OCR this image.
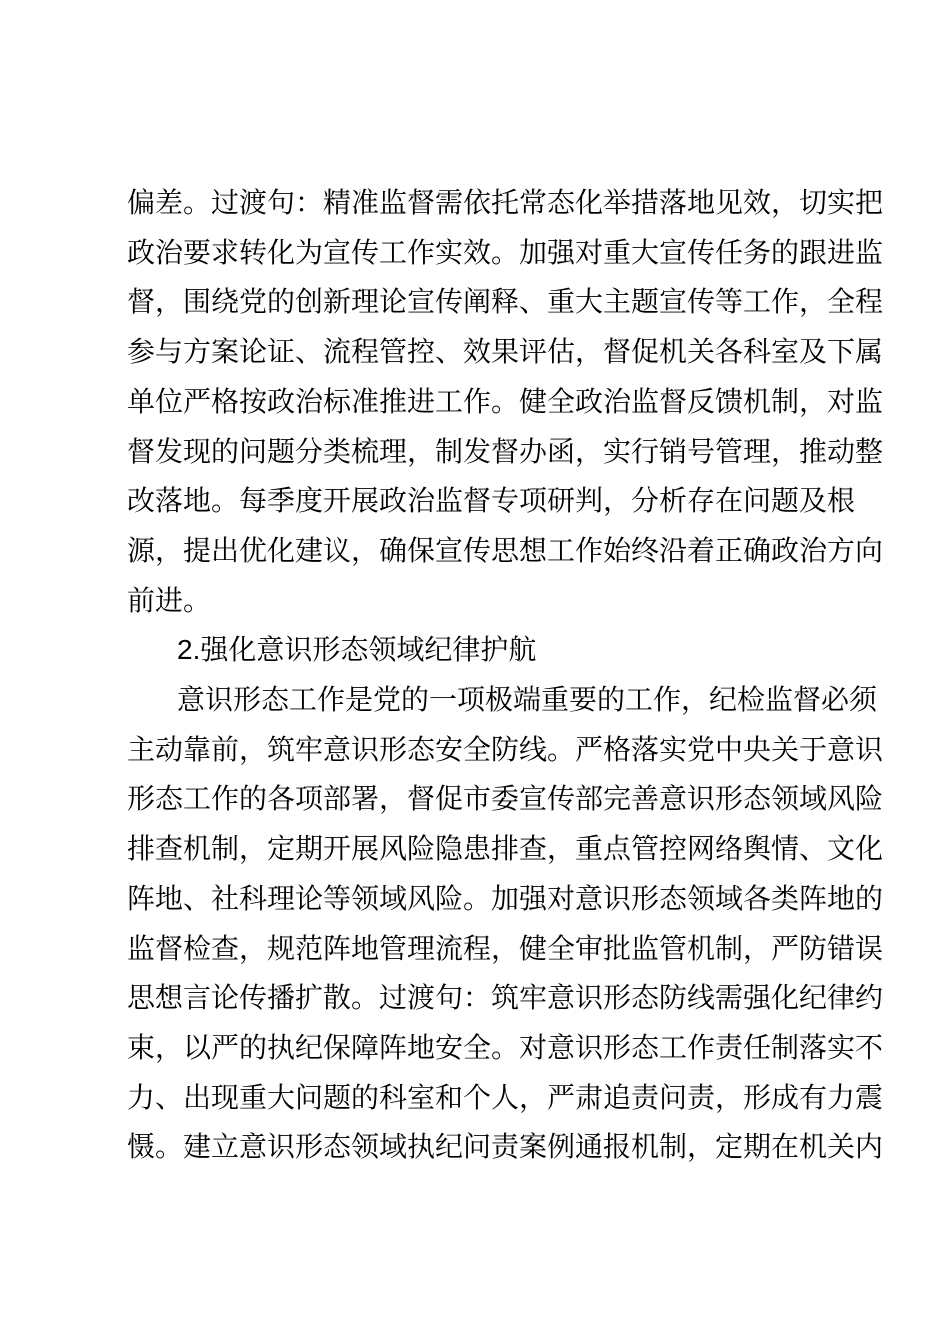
偏差。过渡句：精准监督需依托常态化举措落地见效，切实把

政治要求转化为宣传工作实效。加强对重大宣传任务的跟进监

督，围绕党的创新理论宣传阐释、重大主题宣传等工作，全程

参与方案论证、流程管控、效果评估，督促机关各科室及下属

单位严格按政治标准推进工作。健全政治监督反馈机制，对监

督发现的问题分类梳理，制发督办函，实行销号管理，推动整

改落地。每季度开展政治监督专项研判，分析存在问题及根

源，提出优化建议，确保宣传思想工作始终沿着正确政治方向

前进。

2.强化意识形态领域纪律护航

意识形态工作是党的一项极端重要的工作，纪检监督必须

主动靠前，筑牢意识形态安全防线。严格落实党中央关于意识

形态工作的各项部署，督促市委宣传部完善意识形态领域风险

排查机制，定期开展风险隐患排查，重点管控网络舆情、文化

阵地、社科理论等领域风险。加强对意识形态领域各类阵地的

监督检查，规范阵地管理流程，健全审批监管机制，严防错误

思想言论传播扩散。过渡句：筑牢意识形态防线需强化纪律约

束，以严的执纪保障阵地安全。对意识形态工作责任制落实不

力、出现重大问题的科室和个人，严肃追责问责，形成有力震

慑。建立意识形态领域执纪问责案例通报机制，定期在机关内
